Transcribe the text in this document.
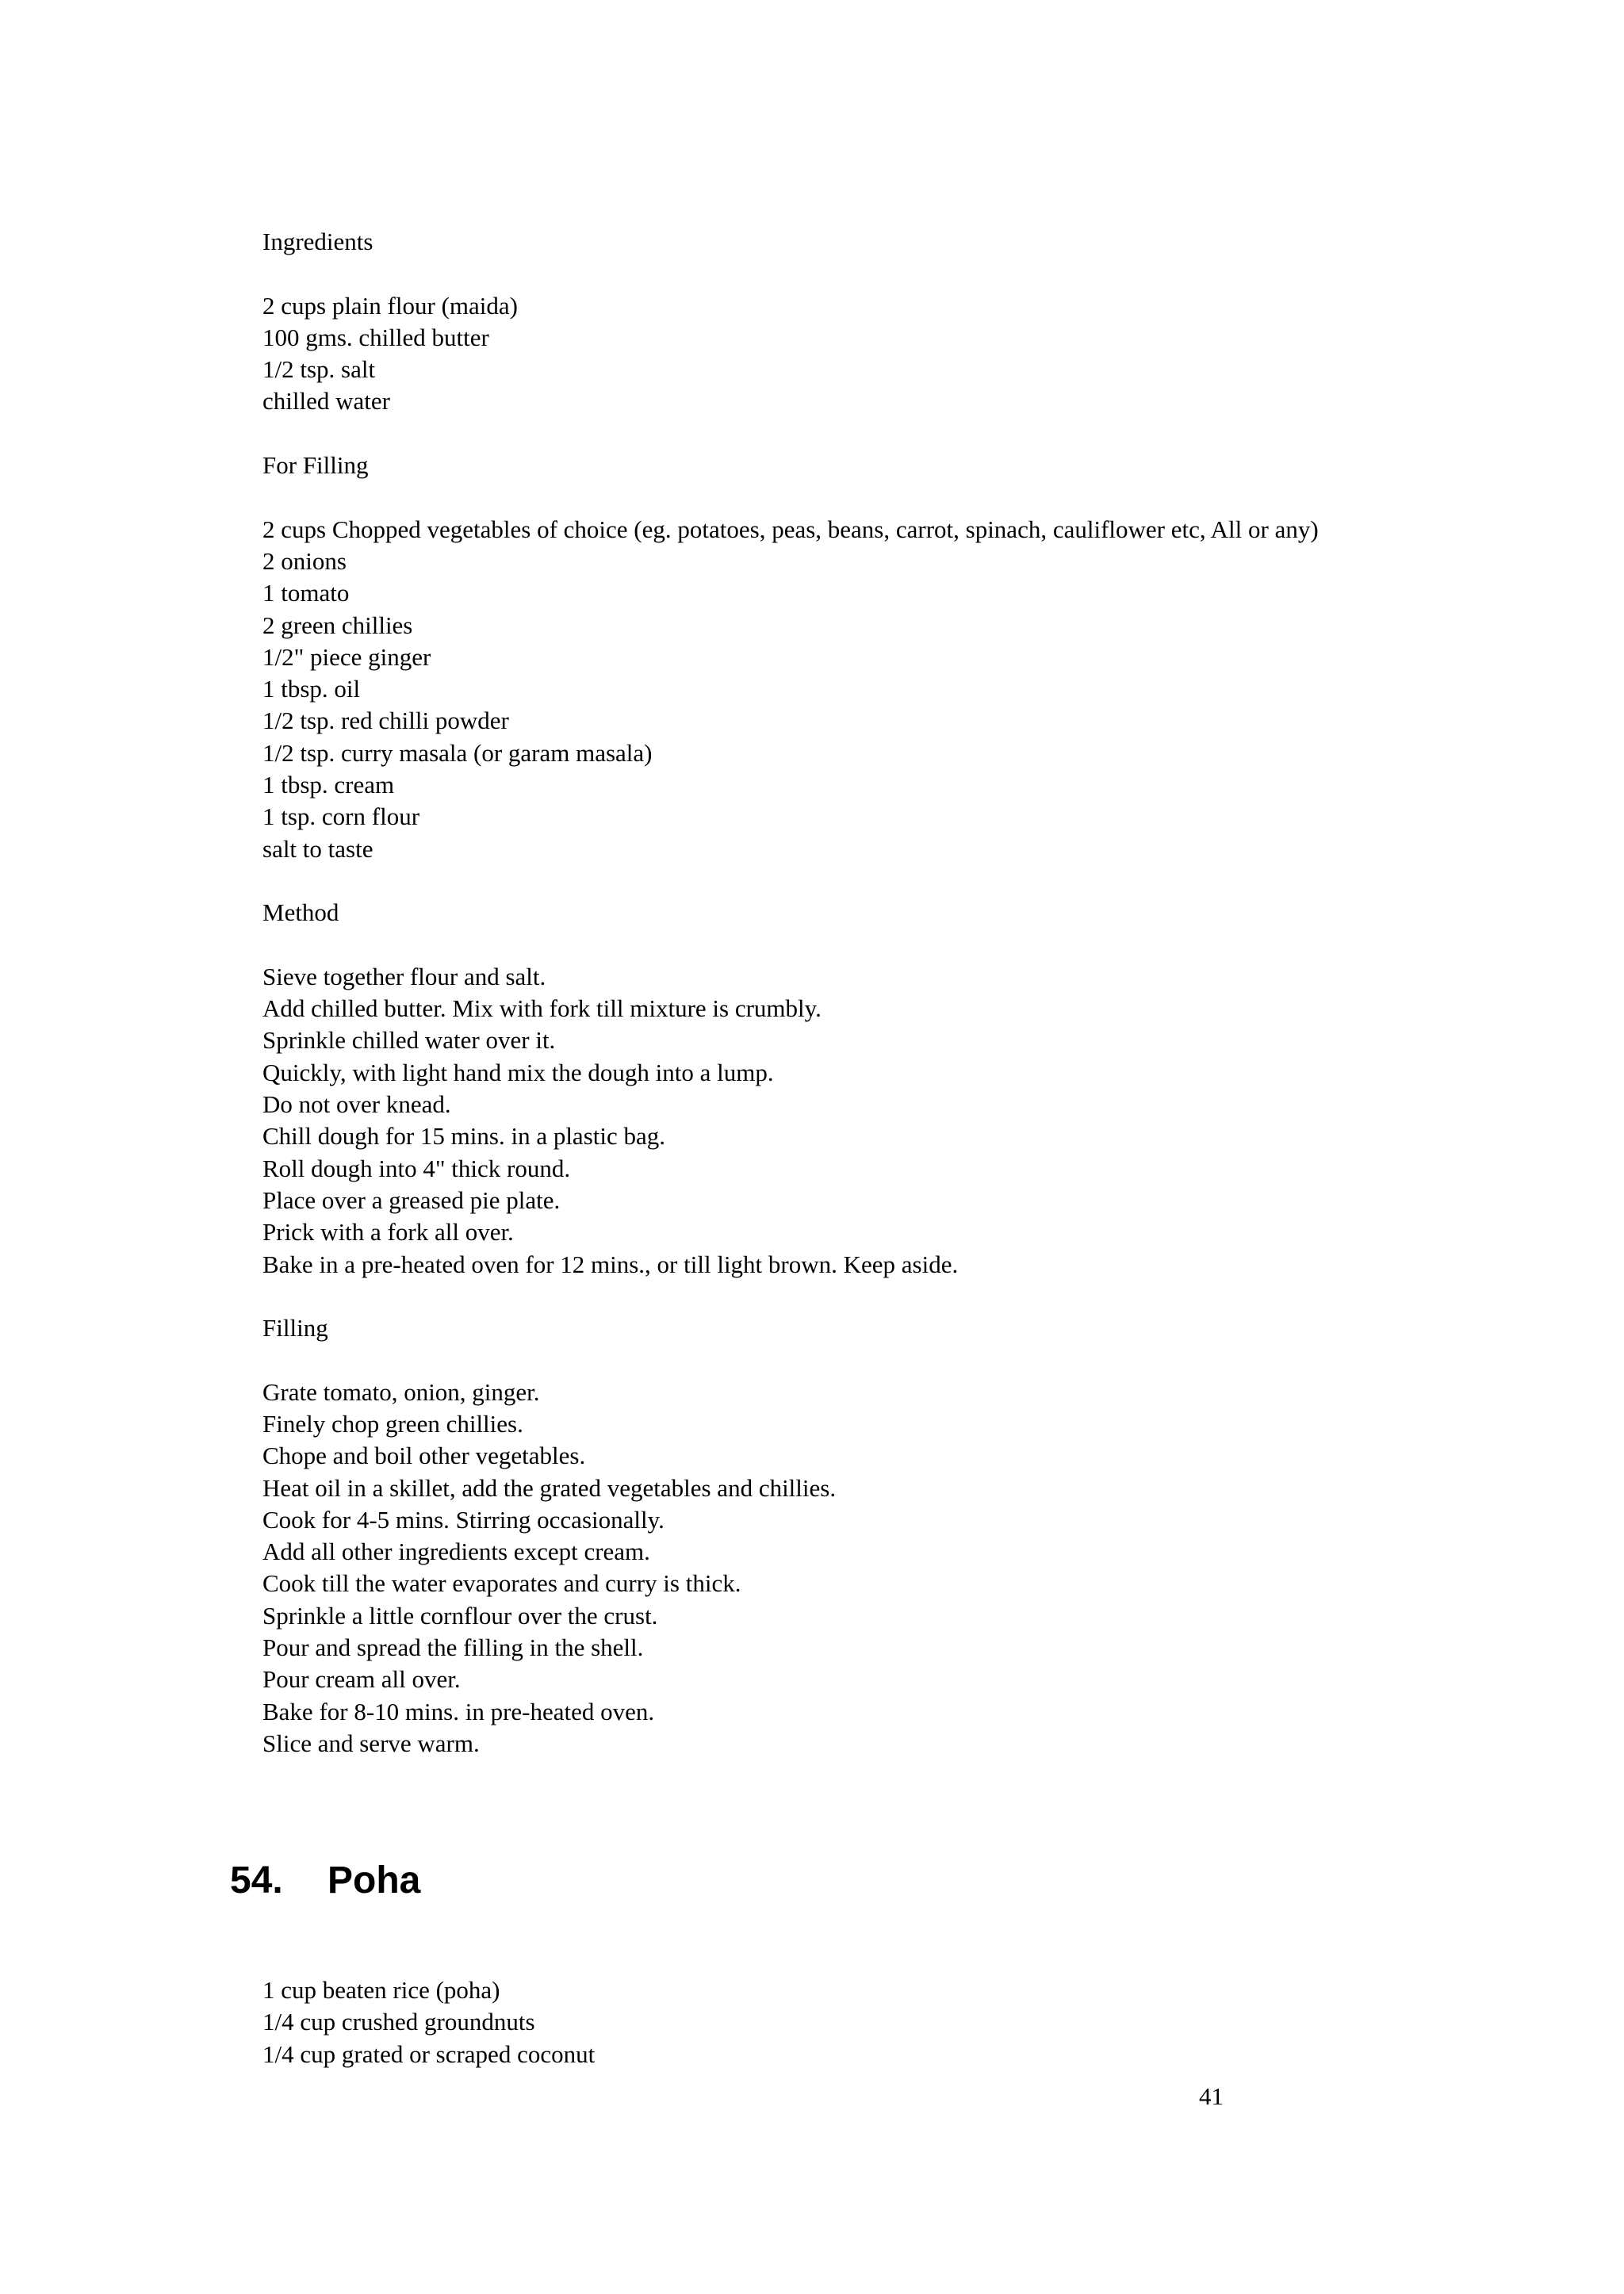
Ingredients
2 cups plain flour (maida)
100 gms. chilled butter
1/2 tsp. salt
chilled water
For Filling
2 cups Chopped vegetables of choice (eg. potatoes, peas, beans, carrot, spinach, cauliflower etc, All or any)
2 onions
1 tomato
2 green chillies
1/2" piece ginger
1 tbsp. oil
1/2 tsp. red chilli powder
1/2 tsp. curry masala (or garam masala)
1 tbsp. cream
1 tsp. corn flour
salt to taste
Method
Sieve together flour and salt.
Add chilled butter. Mix with fork till mixture is crumbly.
Sprinkle chilled water over it.
Quickly, with light hand mix the dough into a lump.
Do not over knead.
Chill dough for 15 mins. in a plastic bag.
Roll dough into 4" thick round.
Place over a greased pie plate.
Prick with a fork all over.
Bake in a pre-heated oven for 12 mins., or till light brown. Keep aside.
Filling
Grate tomato, onion, ginger.
Finely chop green chillies.
Chope and boil other vegetables.
Heat oil in a skillet, add the grated vegetables and chillies.
Cook for 4-5 mins. Stirring occasionally.
Add all other ingredients except cream.
Cook till the water evaporates and curry is thick.
Sprinkle a little cornflour over the crust.
Pour and spread the filling in the shell.
Pour cream all over.
Bake for 8-10 mins. in pre-heated oven.
Slice and serve warm.
54. Poha
1 cup beaten rice (poha)
1/4 cup crushed groundnuts
1/4 cup grated or scraped coconut
41
